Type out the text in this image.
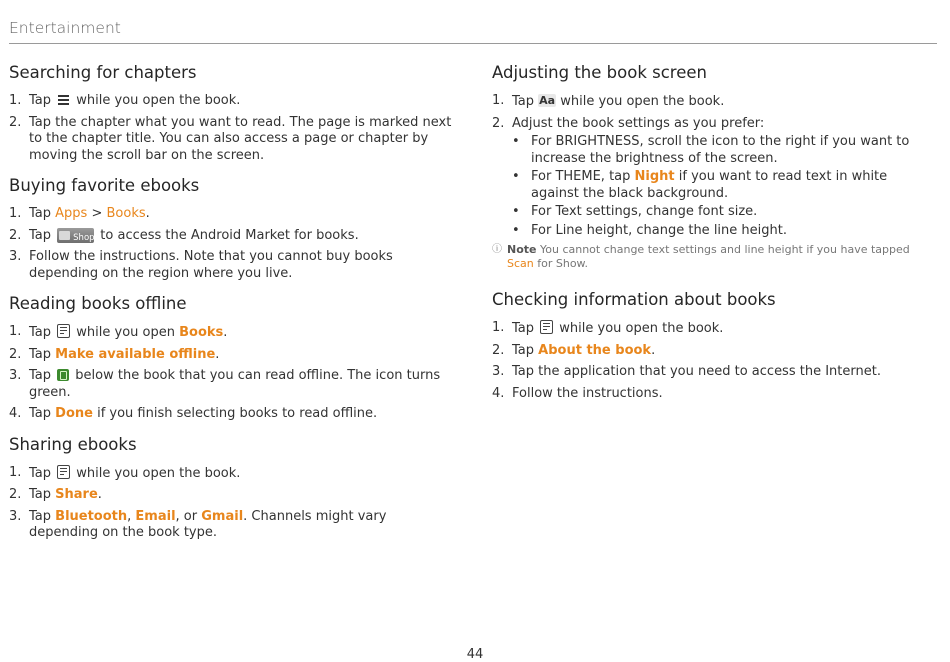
Entertainment
Searching for chapters
1. Tap while you open the book.
2. Tap the chapter what you want to read. The page is marked next to the chapter title. You can also access a page or chapter by moving the scroll bar on the screen.
Buying favorite ebooks
1. Tap Apps > Books.
2. Tap	Shop to access the Android Market for books.
3. Follow the instructions. Note that you cannot buy books depending on the region where you live.
Reading books offline
1. Tap while you open Books.
2. Tap Make available offline.
3. Tap below the book that you can read offline. The icon turns green.
4. Tap Done if you finish selecting books to read offline.
Sharing ebooks
1. Tap while you open the book.
2. Tap Share.
3. Tap Bluetooth, Email, or Gmail. Channels might vary depending on the book type.
Adjusting the book screen
1. Tap Aa while you open the book.
2. Adjust the book settings as you prefer:
• For BRIGHTNESS, scroll the icon to the right if you want to increase the brightness of the screen.
• For THEME, tap Night if you want to read text in white against the black background.
• For Text settings, change font size.
• For Line height, change the line height.
ⓘ Note You cannot change text settings and line height if you have tapped Scan for Show.
Checking information about books
1. Tap while you open the book.
2. Tap About the book.
3. Tap the application that you need to access the Internet.
4. Follow the instructions.
44
